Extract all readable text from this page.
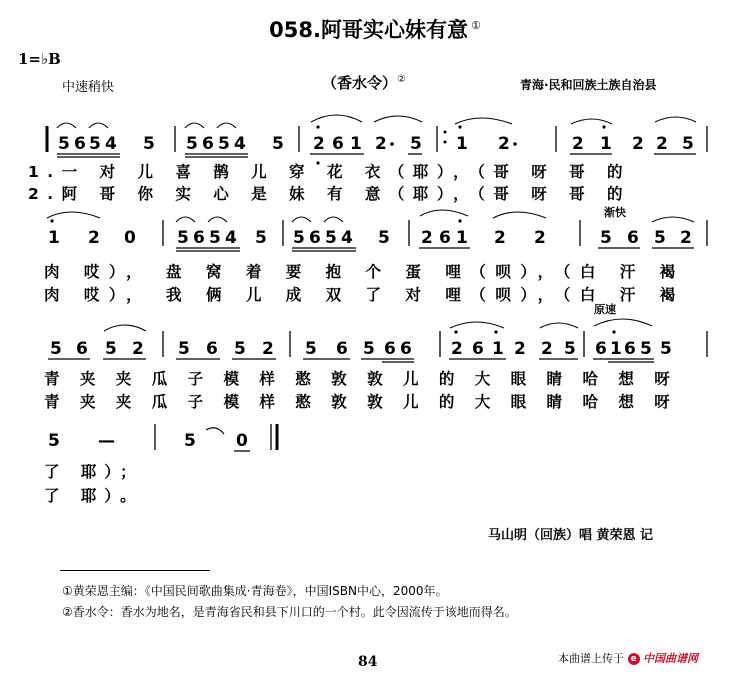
058.阿哥实心妹有意 ①
1=♭B
中速稍快	（香水令）②	青海·民和回族土族自治县
5 6 5 4 5 5 6 5 4 5 2 6 1 2 5 1 2	2 1 2 2 5
1 2 0 5 6 5 4 5 5 6 5 4 5 2 6 1 2 2
渐快
5 6 5 2
5 6 5 2 5 6 5 2 5 6 5 6 6 2 6 1 2 2 5
原速
6 1 6 5 5
5 —	5 0
1.一 对 儿 喜 鹊 儿 穿 花 衣（耶），（哥 呀 哥 的
2.阿 哥 你 实 心 是 妹 有 意（耶），（哥 呀 哥 的
肉 哎）， 盘 窝 着 要 抱 个 蛋 哩（呗），（白 汗 褐
肉 哎）， 我 俩 儿 成 双 了 对 哩（呗），（白 汗 褐
青 夹 夹 瓜 子 模 样 憨 敦 敦 儿 的 大 眼 睛 哈 想 呀
青 夹 夹 瓜 子 模 样 憨 敦 敦 儿 的 大 眼 睛 哈 想 呀
了 耶）；
了 耶）。
马山明（回族）唱 黄荣恩 记
①黄荣恩主编：《中国民间歌曲集成·青海卷》，中国ISBN中心，2000年。
②香水令：香水为地名，是青海省民和县下川口的一个村。此令因流传于该地而得名。
84	本曲谱上传于 e 中国曲谱网
